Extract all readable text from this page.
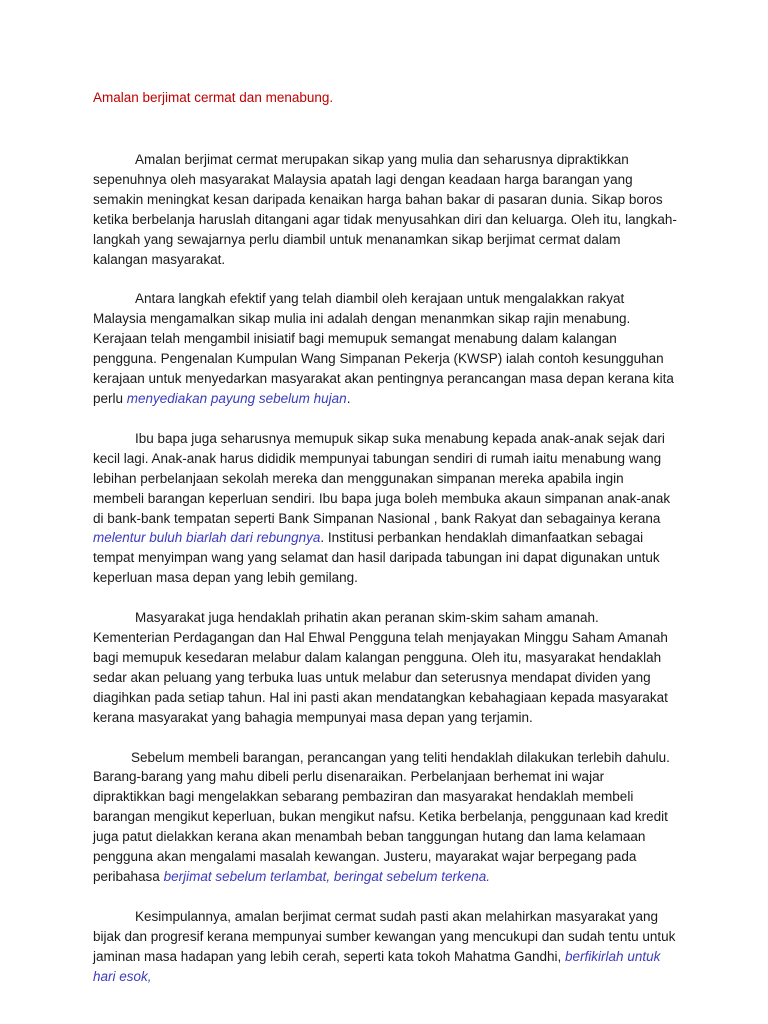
Amalan berjimat cermat dan menabung.

Amalan berjimat cermat merupakan sikap yang mulia dan seharusnya dipraktikkan sepenuhnya oleh masyarakat Malaysia apatah lagi dengan keadaan harga barangan yang semakin meningkat kesan daripada kenaikan harga bahan bakar di pasaran dunia. Sikap boros ketika berbelanja haruslah ditangani agar tidak menyusahkan diri dan keluarga. Oleh itu, langkah-langkah yang sewajarnya perlu diambil untuk menanamkan sikap berjimat cermat dalam kalangan masyarakat.

Antara langkah efektif yang telah diambil oleh kerajaan untuk mengalakkan rakyat Malaysia mengamalkan sikap mulia ini adalah dengan menanmkan sikap rajin menabung. Kerajaan telah mengambil inisiatif bagi memupuk semangat menabung dalam kalangan pengguna. Pengenalan Kumpulan Wang Simpanan Pekerja (KWSP) ialah contoh kesungguhan kerajaan untuk menyedarkan masyarakat akan pentingnya perancangan masa depan kerana kita perlu menyediakan payung sebelum hujan.

Ibu bapa juga seharusnya memupuk sikap suka menabung kepada anak-anak sejak dari kecil lagi. Anak-anak harus dididik mempunyai tabungan sendiri di rumah iaitu menabung wang lebihan perbelanjaan sekolah mereka dan menggunakan simpanan mereka apabila ingin membeli barangan keperluan sendiri. Ibu bapa juga boleh membuka akaun simpanan anak-anak di bank-bank tempatan seperti Bank Simpanan Nasional , bank Rakyat dan sebagainya kerana melentur buluh biarlah dari rebungnya. Institusi perbankan hendaklah dimanfaatkan sebagai tempat menyimpan wang yang selamat dan hasil daripada tabungan ini dapat digunakan untuk keperluan masa depan yang lebih gemilang.

Masyarakat juga hendaklah prihatin akan peranan skim-skim saham amanah. Kementerian Perdagangan dan Hal Ehwal Pengguna telah menjayakan Minggu Saham Amanah bagi memupuk kesedaran melabur dalam kalangan pengguna. Oleh itu, masyarakat hendaklah sedar akan peluang yang terbuka luas untuk melabur dan seterusnya mendapat dividen yang diagihkan pada setiap tahun. Hal ini pasti akan mendatangkan kebahagiaan kepada masyarakat kerana masyarakat yang bahagia mempunyai masa depan yang terjamin.

Sebelum membeli barangan, perancangan yang teliti hendaklah dilakukan terlebih dahulu. Barang-barang yang mahu dibeli perlu disenaraikan. Perbelanjaan berhemat ini wajar dipraktikkan bagi mengelakkan sebarang pembaziran dan masyarakat hendaklah membeli barangan mengikut keperluan, bukan mengikut nafsu. Ketika berbelanja, penggunaan kad kredit juga patut dielakkan kerana akan menambah beban tanggungan hutang dan lama kelamaan pengguna akan mengalami masalah kewangan. Justeru, mayarakat wajar berpegang pada peribahasa berjimat sebelum terlambat, beringat sebelum terkena.

Kesimpulannya, amalan berjimat cermat sudah pasti akan melahirkan masyarakat yang bijak dan progresif kerana mempunyai sumber kewangan yang mencukupi dan sudah tentu untuk jaminan masa hadapan yang lebih cerah, seperti kata tokoh Mahatma Gandhi, berfikirlah untuk hari esok,
